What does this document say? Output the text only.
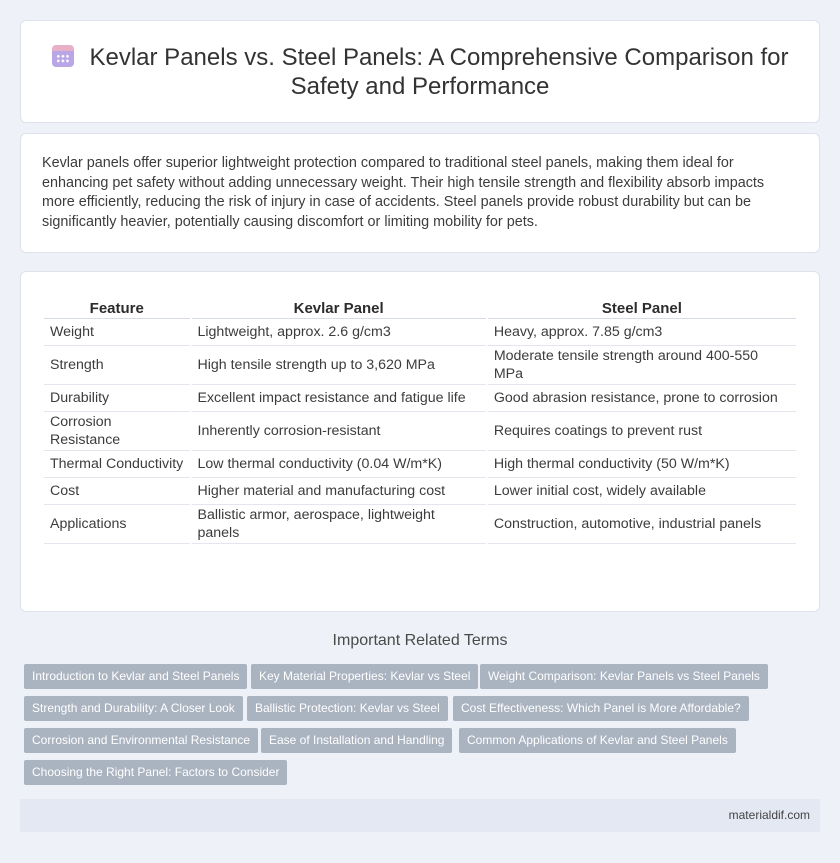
Kevlar Panels vs. Steel Panels: A Comprehensive Comparison for
Safety and Performance

Kevlar panels offer superior lightweight protection compared to traditional steel panels, making them ideal for enhancing pet safety without adding unnecessary weight. Their high tensile strength and flexibility absorb impacts more efficiently, reducing the risk of injury in case of accidents. Steel panels provide robust durability but can be significantly heavier, potentially causing discomfort or limiting mobility for pets.

Feature	Kevlar Panel	Steel Panel
Weight	Lightweight, approx. 2.6 g/cm3	Heavy, approx. 7.85 g/cm3
Strength	High tensile strength up to 3,620 MPa	Moderate tensile strength around 400-550 MPa
Durability	Excellent impact resistance and fatigue life	Good abrasion resistance, prone to corrosion
Corrosion Resistance	Inherently corrosion-resistant	Requires coatings to prevent rust
Thermal Conductivity	Low thermal conductivity (0.04 W/m*K)	High thermal conductivity (50 W/m*K)
Cost	Higher material and manufacturing cost	Lower initial cost, widely available
Applications	Ballistic armor, aerospace, lightweight panels	Construction, automotive, industrial panels
Important Related Terms
Introduction to Kevlar and Steel Panels	Key Material Properties: Kevlar vs Steel	Weight Comparison: Kevlar Panels vs Steel Panels
Strength and Durability: A Closer Look	Ballistic Protection: Kevlar vs Steel	Cost Effectiveness: Which Panel is More Affordable?
Corrosion and Environmental Resistance	Ease of Installation and Handling	Common Applications of Kevlar and Steel Panels
Choosing the Right Panel: Factors to Consider
materialdif.com
